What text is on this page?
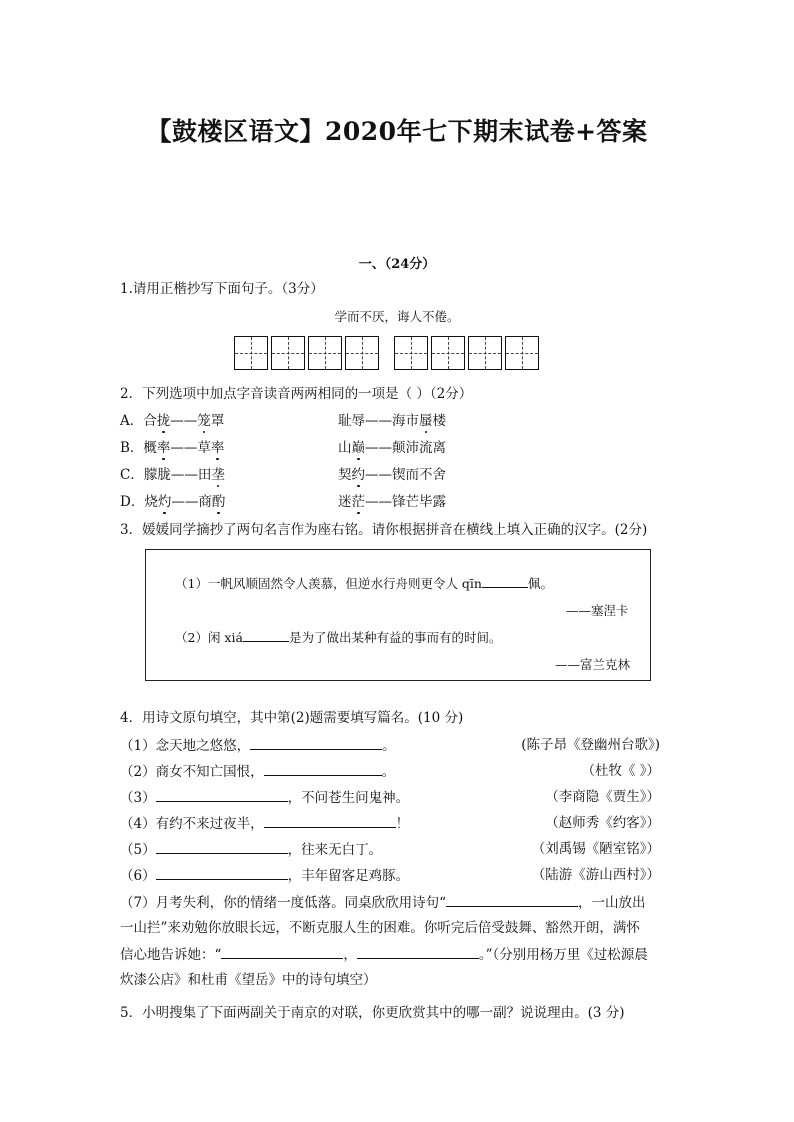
【鼓楼区语文】2020年七下期末试卷+答案
一、（24分）
1.请用正楷抄写下面句子。（3分）
学而不厌，诲人不倦。
2．下列选项中加点字音读音两两相同的一项是（ ）（2分）
A．合拢——笼罩	耻辱——海市蜃楼
B．概率——草率	山巅——颠沛流离
C．朦胧——田垄	契约——锲而不舍
D．烧灼——商酌	迷茫——锋芒毕露
3．媛媛同学摘抄了两句名言作为座右铭。请你根据拼音在横线上填入正确的汉字。(2分)
（1）一帆风顺固然令人羡慕，但逆水行舟则更令人 qīn	佩。
——塞涅卡
（2）闲 xiá	是为了做出某种有益的事而有的时间。
——富兰克林
4．用诗文原句填空，其中第(2)题需要填写篇名。(10 分)
（1）念天地之悠悠，	。	(陈子昂《登幽州台歌》)
（2）商女不知亡国恨，	。	（杜牧《 》）
（3）	，不问苍生问鬼神。	（李商隐《贾生》）
（4）有约不来过夜半，	！	（赵师秀《约客》）
（5）	，往来无白丁。	（刘禹锡《陋室铭》）
（6）	，丰年留客足鸡豚。	（陆游《游山西村》）
（7）月考失利，你的情绪一度低落。同桌欣欣用诗句“	，一山放出
一山拦”来劝勉你放眼长远，不断克服人生的困难。你听完后倍受鼓舞、豁然开朗，满怀
信心地告诉她：“	，	。”（分别用杨万里《过松源晨
炊漆公店》和杜甫《望岳》中的诗句填空）
5．小明搜集了下面两副关于南京的对联，你更欣赏其中的哪一副？说说理由。(3 分)
